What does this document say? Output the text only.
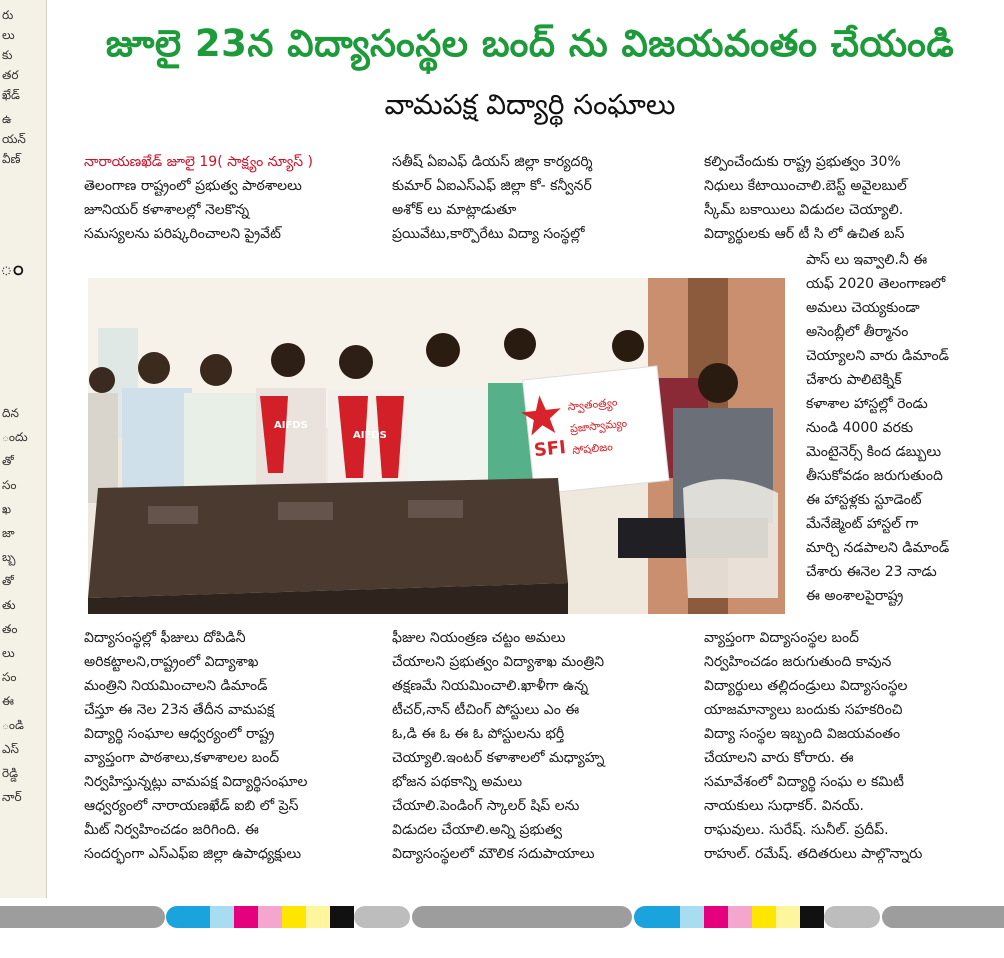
రు
లు
కు
తర
ఖేడ్
ఉ
యన్
వీణ్
ం
దిన
ందు
తో
సం
ఖ
జా
బ్బ
తో
తు
తం
లు
సం
ఈ
ండి
ఎస్
రెడ్డి
నార్
జూలై 23న విద్యాసంస్థల బంద్ ను విజయవంతం చేయండి
వామపక్ష విద్యార్థి సంఘాలు

నారాయణఖేడ్ జూలై 19( సాక్ష్యం న్యూస్ )

తెలంగాణ రాష్ట్రంలో ప్రభుత్వ పాఠశాలలు

జూనియర్ కళాశాలల్లో నెలకొన్న

సమస్యలను పరిష్కరించాలని ప్రైవేట్

సతీష్ ఏఐఎఫ్ డియస్ జిల్లా కార్యదర్శి

కుమార్ ఏఐఎస్ఎఫ్ జిల్లా కో- కన్వీనర్

అశోక్ లు మాట్లాడుతూ

ప్రయివేటు,కార్పొరేటు విద్యా సంస్థల్లో

కల్పించేందుకు రాష్ట్ర ప్రభుత్వం 30%

నిధులు కేటాయించాలి.బెస్ట్ అవైలబుల్

స్కీమ్ బకాయిలు విడుదల చెయ్యాలి.

విద్యార్థులకు ఆర్ టీ సి లో ఉచిత బస్

పాస్ లు ఇవ్వాలి.నీ ఈ

యఫ్ 2020 తెలంగాణలో

అమలు చెయ్యకుండా

అసెంబ్లీలో తీర్మానం

చెయ్యాలని వారు డిమాండ్

చేశారు పాలిటెక్నిక్

కళాశాల హాస్టల్లో రెండు

నుండి 4000 వరకు

మెంటైనెర్స్ కింద డబ్బులు

తీసుకోవడం జరుగుతుంది

ఈ హాస్టళ్లకు స్టూడెంట్

మేనేజ్మెంట్ హాస్టల్ గా

మార్చి నడపాలని డిమాండ్

చేశారు ఈనెల 23 నాడు

ఈ అంశాలపైరాష్ట్ర

AIFDS
AIFDS
SFI
స్వాతంత్ర్యం
ప్రజాస్వామ్యం
సోషలిజం

విద్యాసంస్థల్లో ఫీజులు దోపిడినీ

అరికట్టాలని,రాష్ట్రంలో విద్యాశాఖ

మంత్రిని నియమించాలని డిమాండ్

చేస్తూ ఈ నెల 23న తేదీన వామపక్ష

విద్యార్థి సంఘాల ఆధ్వర్యంలో రాష్ట్ర

వ్యాప్తంగా పాఠశాలు,కళాశాలల బంద్

నిర్వహిస్తున్నట్లు వామపక్ష విద్యార్థిసంఘాల

ఆధ్వర్యంలో నారాయణఖేడ్ ఐబి లో ప్రెస్

మీట్ నిర్వహించడం జరిగింది. ఈ

సందర్భంగా ఎస్ఎఫ్ఐ జిల్లా ఉపాధ్యక్షులు

ఫీజుల నియంత్రణ చట్టం అమలు

చేయాలని ప్రభుత్వం విద్యాశాఖ మంత్రిని

తక్షణమే నియమించాలి.ఖాళీగా ఉన్న

టీచర్,నాన్ టీచింగ్ పోస్టులు ఎం ఈ

ఓ,డి ఈ ఓ ఈ ఓ పోస్టులను భర్తీ

చెయ్యాలి.ఇంటర్ కళాశాలలో మధ్యాహ్న

భోజన పథకాన్ని అమలు

చేయాలి.పెండింగ్ స్కాలర్ షిప్ లను

విడుదల చేయాలి.అన్ని ప్రభుత్వ

విద్యాసంస్థలలో మౌలిక సదుపాయాలు

వ్యాప్తంగా విద్యాసంస్థల బంద్

నిర్వహించడం జరుగుతుంది కావున

విద్యార్థులు తల్లిదండ్రులు విద్యాసంస్థల

యాజమాన్యాలు బందుకు సహకరించి

విద్యా సంస్థల ఇబ్బంది విజయవంతం

చేయాలని వారు కోరారు. ఈ

సమావేశంలో విద్యార్థి సంఘ ల కమిటీ

నాయకులు సుధాకర్. వినయ్.

రాఘవులు. సురేష్. సునీల్. ప్రదీప్.

రాహుల్. రమేష్. తదితరులు పాల్గొన్నారు
